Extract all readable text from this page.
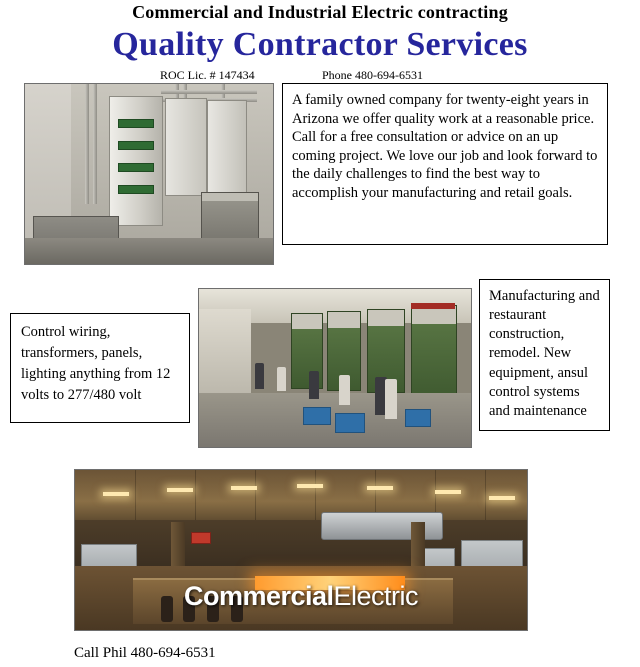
Commercial and Industrial Electric contracting
Quality Contractor Services
ROC Lic. # 147434	Phone 480-694-6531
A family owned company for twenty-eight years in Arizona we offer quality work at a reasonable price. Call for a free consultation or advice on an up coming project. We love our job and look forward to the daily challenges to find the best way to accomplish your manufacturing and retail goals.
Control wiring, transformers, panels, lighting anything from 12 volts to 277/480 volt
Manufacturing and restaurant construction, remodel. New equipment, ansul control systems and maintenance
CommercialElectric
Call Phil 480-694-6531
